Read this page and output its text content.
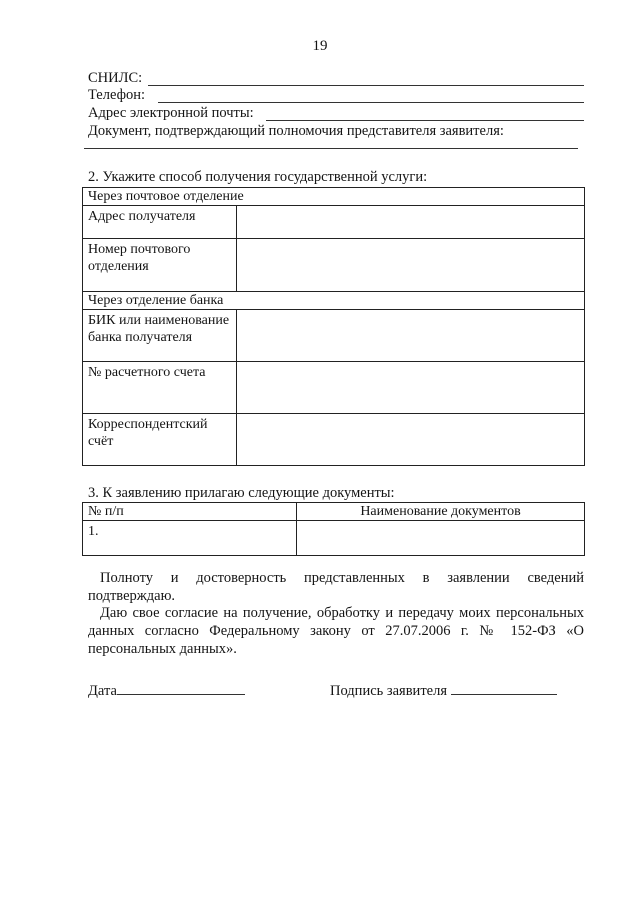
19
СНИЛС:
Телефон:
Адрес электронной почты:
Документ, подтверждающий полномочия представителя заявителя:
2. Укажите способ получения государственной услуги:
Через почтовое отделение	
Адрес получателя	
Номер почтового отделения	
Через отделение банка	
БИК или наименование банка получателя	
№ расчетного счета	
Корреспондентский счёт	
3. К заявлению прилагаю следующие документы:
№ п/п	Наименование документов
1.	
Полноту и достоверность представленных в заявлении сведений подтверждаю.
Даю свое согласие на получение, обработку и передачу моих персональных данных согласно Федеральному закону от 27.07.2006 г. № 152-ФЗ «О персональных данных».
Дата	Подпись заявителя
